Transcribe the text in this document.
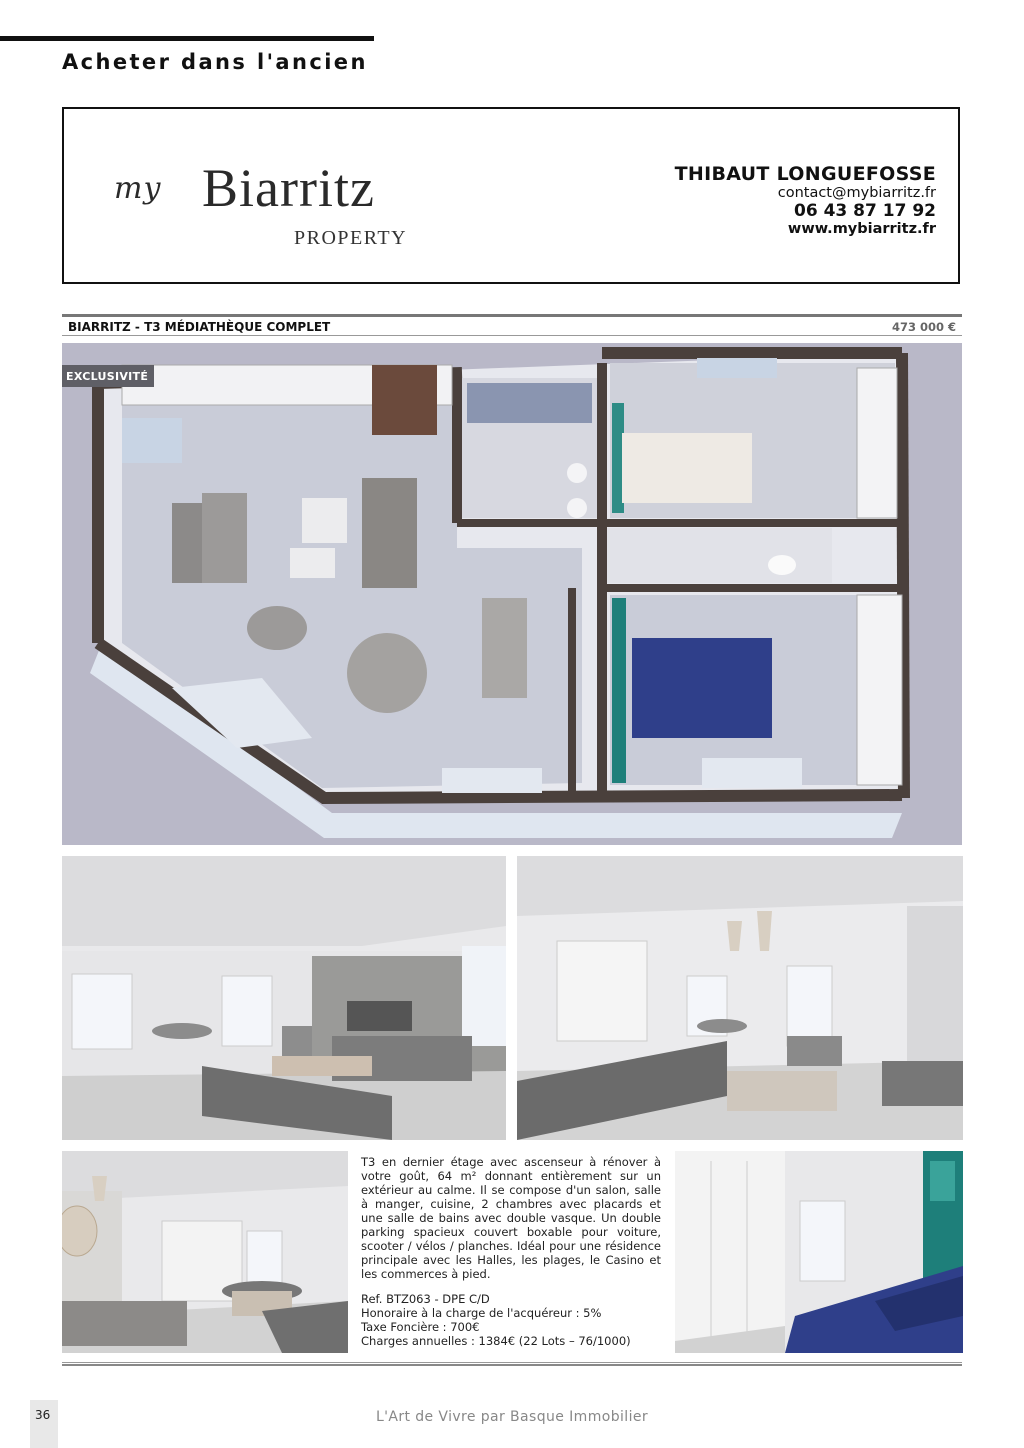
Acheter dans l'ancien
my Biarritz
PROPERTY
THIBAUT LONGUEFOSSE
contact@mybiarritz.fr
06 43 87 17 92
www.mybiarritz.fr
BIARRITZ - T3 MÉDIATHÈQUE COMPLET	473 000 €
EXCLUSIVITÉ

T3 en dernier étage avec ascenseur à rénover à votre goût, 64 m² donnant entièrement sur un extérieur au calme. Il se compose d'un salon, salle à manger, cuisine, 2 chambres avec placards et une salle de bains avec double vasque. Un double parking spacieux couvert boxable pour voiture, scooter / vélos / planches. Idéal pour une résidence principale avec les Halles, les plages, le Casino et les commerces à pied.

Ref. BTZ063 - DPE C/D
Honoraire à la charge de l'acquéreur : 5%
Taxe Foncière : 700€
Charges annuelles : 1384€ (22 Lots – 76/1000)
36	L'Art de Vivre par Basque Immobilier
